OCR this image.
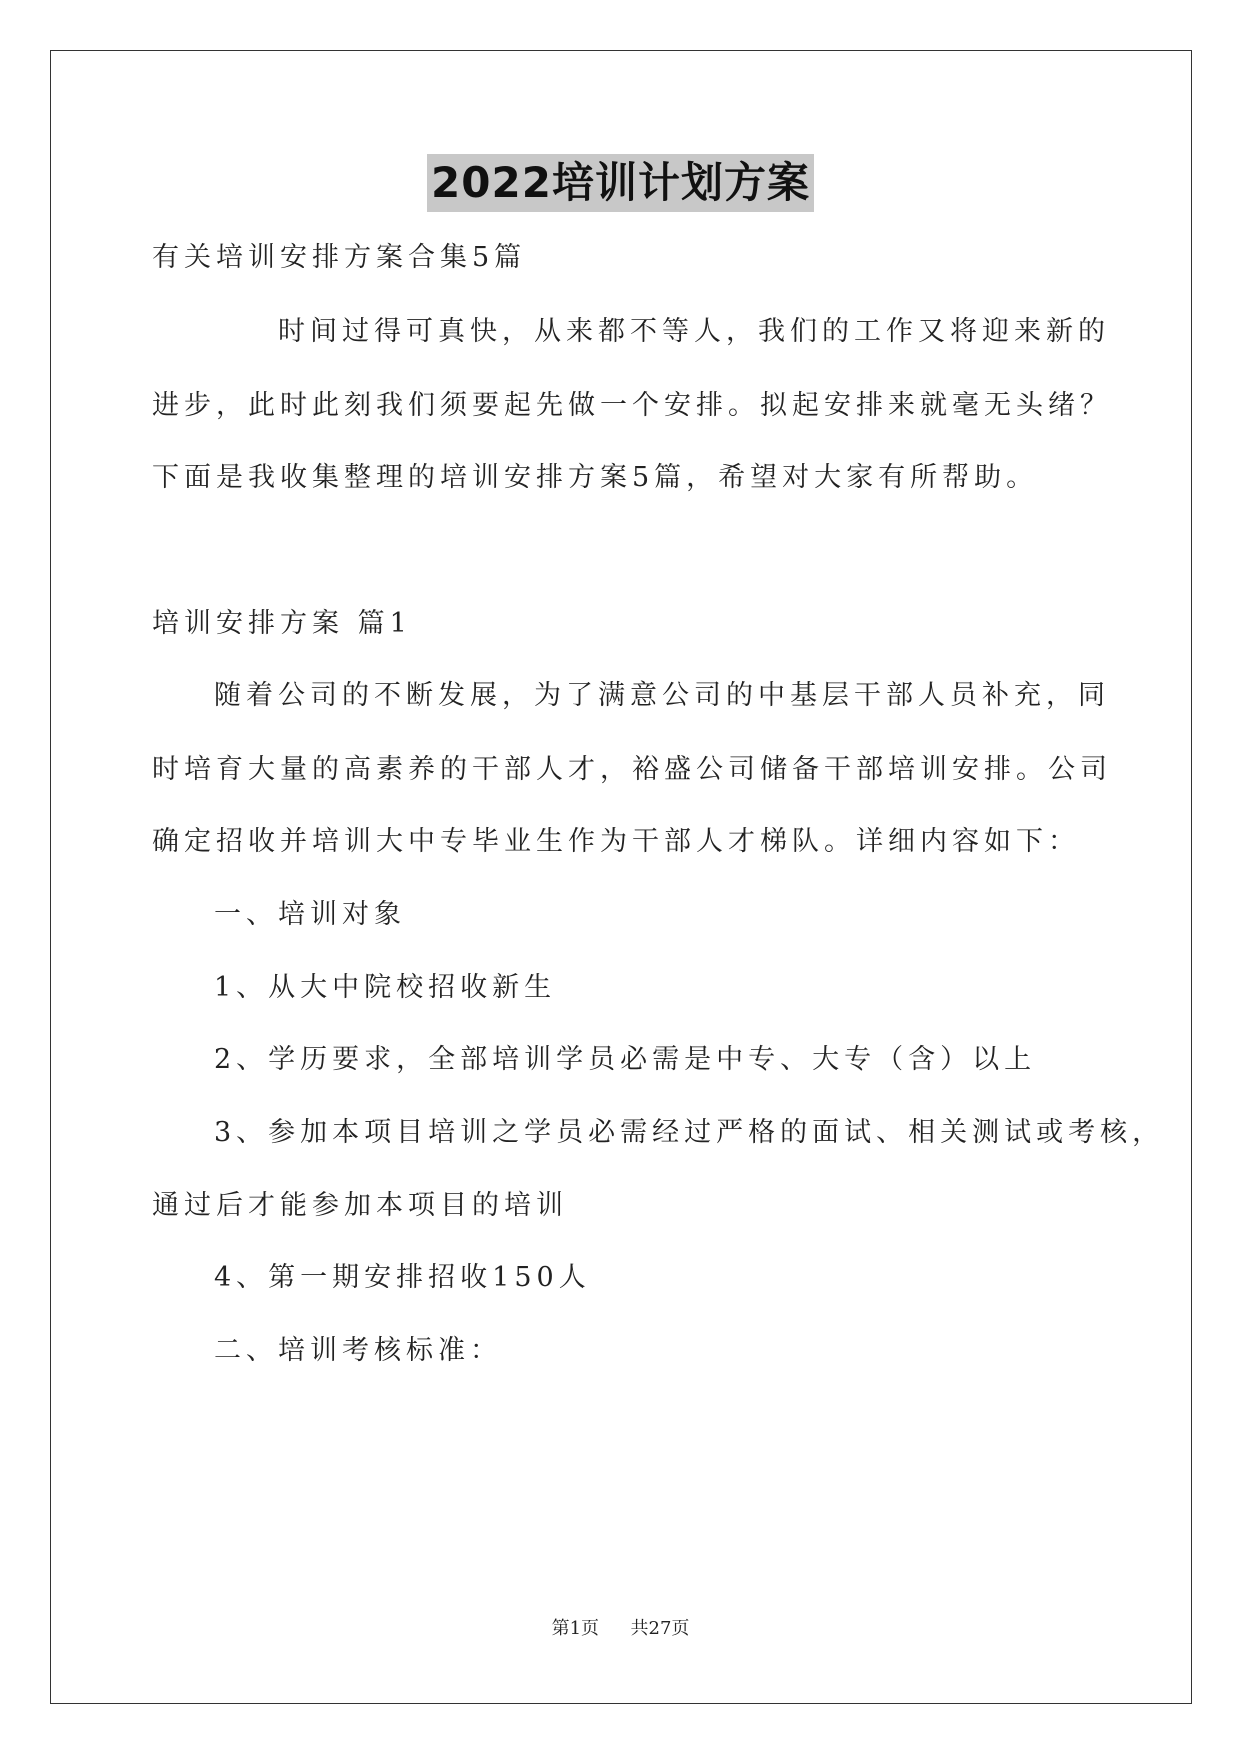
2022培训计划方案
有关培训安排方案合集5篇
时间过得可真快，从来都不等人，我们的工作又将迎来新的
进步，此时此刻我们须要起先做一个安排。拟起安排来就毫无头绪？
下面是我收集整理的培训安排方案5篇，希望对大家有所帮助。
培训安排方案 篇1
随着公司的不断发展，为了满意公司的中基层干部人员补充，同
时培育大量的高素养的干部人才，裕盛公司储备干部培训安排。公司
确定招收并培训大中专毕业生作为干部人才梯队。详细内容如下：
一、培训对象
1、从大中院校招收新生
2、学历要求，全部培训学员必需是中专、大专（含）以上
3、参加本项目培训之学员必需经过严格的面试、相关测试或考核，
通过后才能参加本项目的培训
4、第一期安排招收150人
二、培训考核标准：
第1页 共27页
